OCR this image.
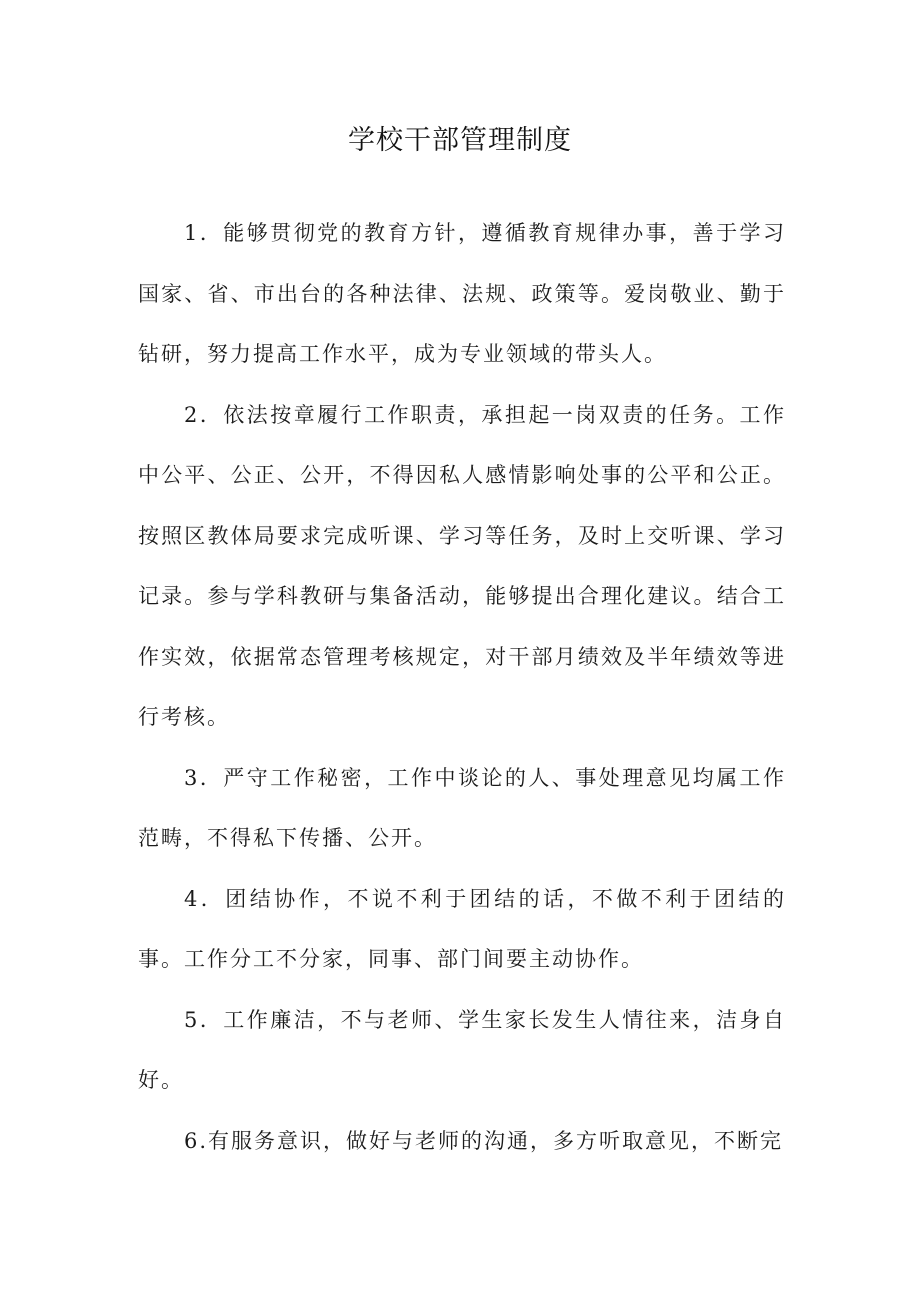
学校干部管理制度

1．能够贯彻党的教育方针，遵循教育规律办事，善于学习国家、省、市出台的各种法律、法规、政策等。爱岗敬业、勤于钻研，努力提高工作水平，成为专业领域的带头人。

2．依法按章履行工作职责，承担起一岗双责的任务。工作中公平、公正、公开，不得因私人感情影响处事的公平和公正。按照区教体局要求完成听课、学习等任务，及时上交听课、学习记录。参与学科教研与集备活动，能够提出合理化建议。结合工作实效，依据常态管理考核规定，对干部月绩效及半年绩效等进行考核。

3．严守工作秘密，工作中谈论的人、事处理意见均属工作范畴，不得私下传播、公开。

4．团结协作，不说不利于团结的话，不做不利于团结的事。工作分工不分家，同事、部门间要主动协作。

5．工作廉洁，不与老师、学生家长发生人情往来，洁身自好。

6.有服务意识，做好与老师的沟通，多方听取意见，不断完
